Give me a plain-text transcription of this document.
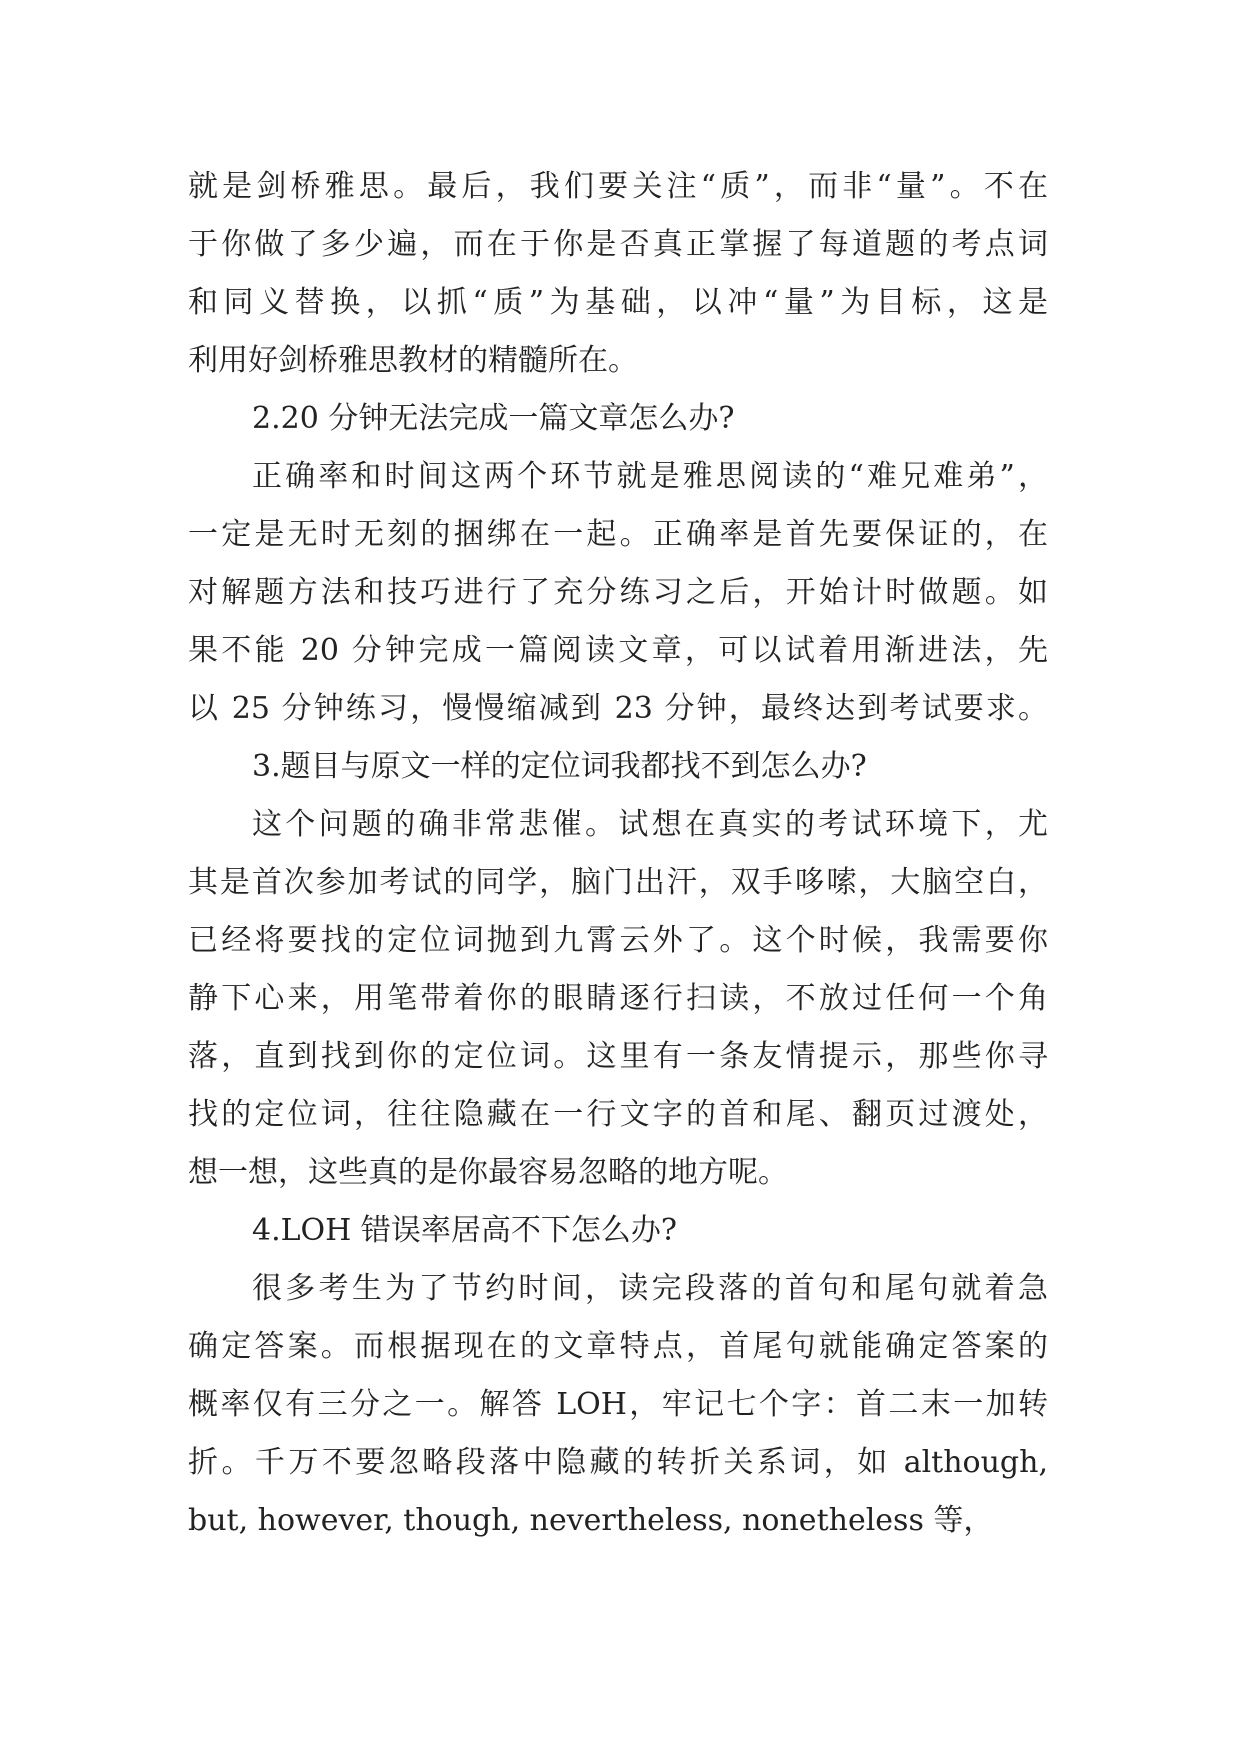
就是剑桥雅思。最后，我们要关注“质”，而非“量”。不在
于你做了多少遍，而在于你是否真正掌握了每道题的考点词
和同义替换，以抓“质”为基础，以冲“量”为目标，这是
利用好剑桥雅思教材的精髓所在。
2.20 分钟无法完成一篇文章怎么办?
正确率和时间这两个环节就是雅思阅读的“难兄难弟”，
一定是无时无刻的捆绑在一起。正确率是首先要保证的，在
对解题方法和技巧进行了充分练习之后，开始计时做题。如
果不能 20 分钟完成一篇阅读文章，可以试着用渐进法，先
以 25 分钟练习，慢慢缩减到 23 分钟，最终达到考试要求。
3.题目与原文一样的定位词我都找不到怎么办?
这个问题的确非常悲催。试想在真实的考试环境下，尤
其是首次参加考试的同学，脑门出汗，双手哆嗦，大脑空白，
已经将要找的定位词抛到九霄云外了。这个时候，我需要你
静下心来，用笔带着你的眼睛逐行扫读，不放过任何一个角
落，直到找到你的定位词。这里有一条友情提示，那些你寻
找的定位词，往往隐藏在一行文字的首和尾、翻页过渡处，
想一想，这些真的是你最容易忽略的地方呢。
4.LOH 错误率居高不下怎么办?
很多考生为了节约时间，读完段落的首句和尾句就着急
确定答案。而根据现在的文章特点，首尾句就能确定答案的
概率仅有三分之一。解答 LOH，牢记七个字：首二末一加转
折。千万不要忽略段落中隐藏的转折关系词，如 although,
but, however, though, nevertheless, nonetheless 等，
